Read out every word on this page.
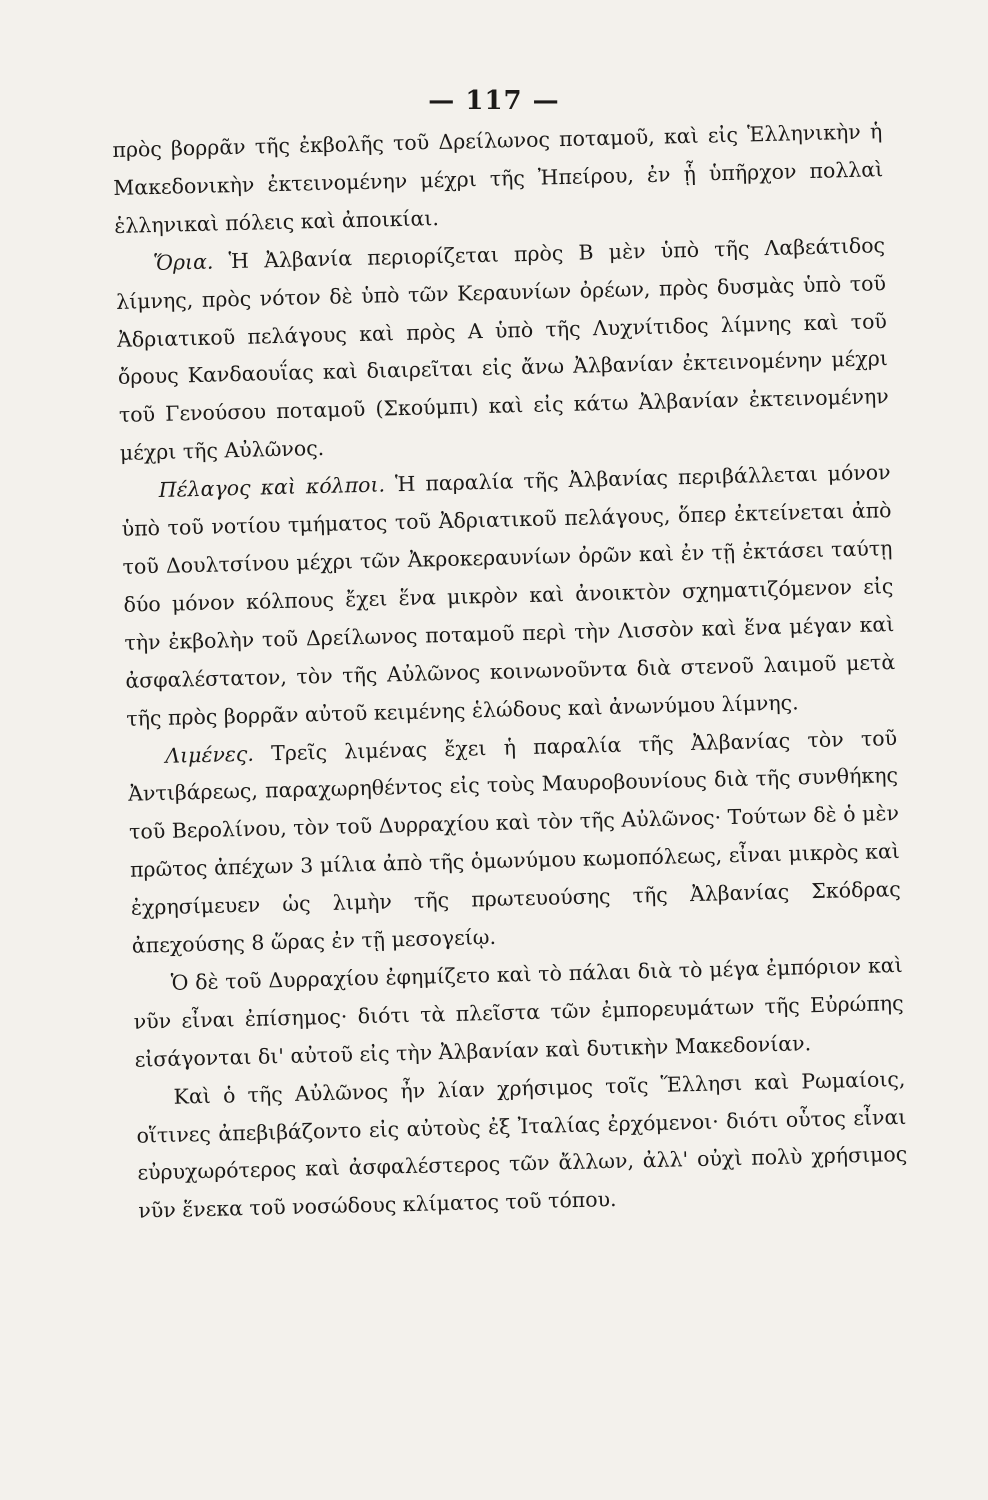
— 117 —

πρὸς βορρᾶν τῆς ἐκβολῆς τοῦ Δρείλωνος ποταμοῦ, καὶ εἰς Ἑλληνικὴν ἡ Μακεδονικὴν ἐκτεινομένην μέχρι τῆς Ἠπείρου, ἐν ᾗ ὑπῆρχον πολλαὶ ἑλληνικαὶ πόλεις καὶ ἀποικίαι.

Ὅρια. Ἡ Ἀλβανία περιορίζεται πρὸς Β μὲν ὑπὸ τῆς Λαβεάτιδος λίμνης, πρὸς νότον δὲ ὑπὸ τῶν Κεραυνίων ὀρέων, πρὸς δυσμὰς ὑπὸ τοῦ Ἀδριατικοῦ πελάγους καὶ πρὸς Α ὑπὸ τῆς Λυχνίτιδος λίμνης καὶ τοῦ ὄρους Κανδαουΐας καὶ διαιρεῖται εἰς ἄνω Ἀλβανίαν ἐκτεινομένην μέχρι τοῦ Γενούσου ποταμοῦ (Σκούμπι) καὶ εἰς κάτω Ἀλβανίαν ἐκτεινομένην μέχρι τῆς Αὐλῶνος.

Πέλαγος καὶ κόλποι. Ἡ παραλία τῆς Ἀλβανίας περιβάλλεται μόνον ὑπὸ τοῦ νοτίου τμήματος τοῦ Ἀδριατικοῦ πελάγους, ὅπερ ἐκτείνεται ἀπὸ τοῦ Δουλτσίνου μέχρι τῶν Ἀκροκεραυνίων ὀρῶν καὶ ἐν τῇ ἐκτάσει ταύτῃ δύο μόνον κόλπους ἔχει ἕνα μικρὸν καὶ ἀνοικτὸν σχηματιζόμενον εἰς τὴν ἐκβολὴν τοῦ Δρείλωνος ποταμοῦ περὶ τὴν Λισσὸν καὶ ἕνα μέγαν καὶ ἀσφαλέστατον, τὸν τῆς Αὐλῶνος κοινωνοῦντα διὰ στενοῦ λαιμοῦ μετὰ τῆς πρὸς βορρᾶν αὐτοῦ κειμένης ἑλώδους καὶ ἀνωνύμου λίμνης.

Λιμένες. Τρεῖς λιμένας ἔχει ἡ παραλία τῆς Ἀλβανίας τὸν τοῦ Ἀντιβάρεως, παραχωρηθέντος εἰς τοὺς Μαυροβουνίους διὰ τῆς συνθήκης τοῦ Βερολίνου, τὸν τοῦ Δυρραχίου καὶ τὸν τῆς Αὐλῶνος· Τούτων δὲ ὁ μὲν πρῶτος ἀπέχων 3 μίλια ἀπὸ τῆς ὁμωνύμου κωμοπόλεως, εἶναι μικρὸς καὶ ἐχρησίμευεν ὡς λιμὴν τῆς πρωτευούσης τῆς Ἀλβανίας Σκόδρας ἀπεχούσης 8 ὥρας ἐν τῇ μεσογείῳ.

Ὁ δὲ τοῦ Δυρραχίου ἐφημίζετο καὶ τὸ πάλαι διὰ τὸ μέγα ἐμπόριον καὶ νῦν εἶναι ἐπίσημος· διότι τὰ πλεῖστα τῶν ἐμπορευμάτων τῆς Εὐρώπης εἰσάγονται δι' αὐτοῦ εἰς τὴν Ἀλβανίαν καὶ δυτικὴν Μακεδονίαν.

Καὶ ὁ τῆς Αὐλῶνος ἦν λίαν χρήσιμος τοῖς Ἕλλησι καὶ Ρωμαίοις, οἵτινες ἀπεβιβάζοντο εἰς αὐτοὺς ἐξ Ἰταλίας ἐρχόμενοι· διότι οὗτος εἶναι εὐρυχωρότερος καὶ ἀσφαλέστερος τῶν ἄλλων, ἀλλ' οὐχὶ πολὺ χρήσιμος νῦν ἕνεκα τοῦ νοσώδους κλίματος τοῦ τόπου.
